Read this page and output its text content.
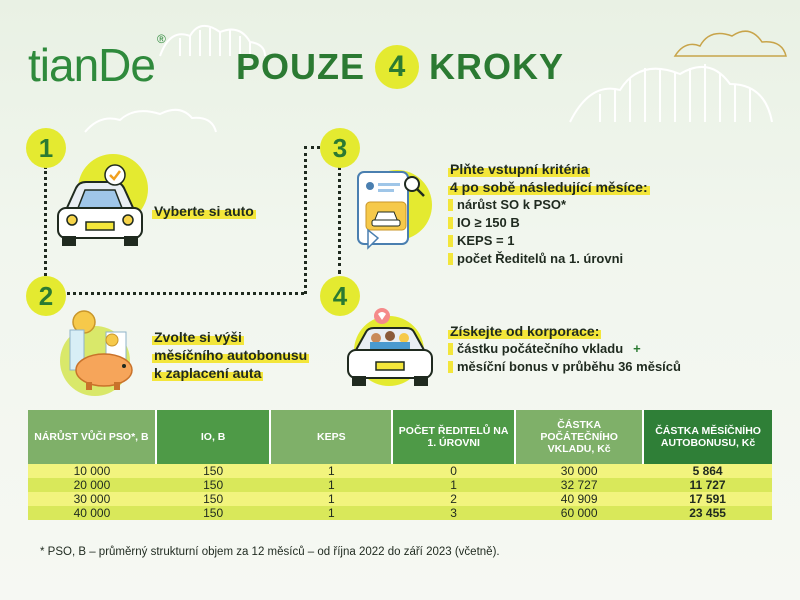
tianDe ®
POUZE 4 KROKY
1
2
3
4
Vyberte si auto
Zvolte si výši
měsíčního autobonusu
k zaplacení auta
Plňte vstupní kritéria
4 po sobě následující měsíce:
nárůst SO k PSO*
IO ≥ 150 B
KEPS = 1
počet Ředitelů na 1. úrovni
Získejte od korporace:
částku počátečního vkladu +
měsíční bonus v průběhu 36 měsíců
NÁRŮST VŮČI PSO*, B	IO, B	KEPS	POČET ŘEDITELŮ NA 1. ÚROVNI	ČÁSTKA POČÁTEČNÍHO VKLADU, Kč	ČÁSTKA MĚSÍČNÍHO AUTOBONUSU, Kč
10 000	150	1	0	30 000	5 864
20 000	150	1	1	32 727	11 727
30 000	150	1	2	40 909	17 591
40 000	150	1	3	60 000	23 455
* PSO, B – průměrný strukturní objem za 12 měsíců – od října 2022 do září 2023 (včetně).
